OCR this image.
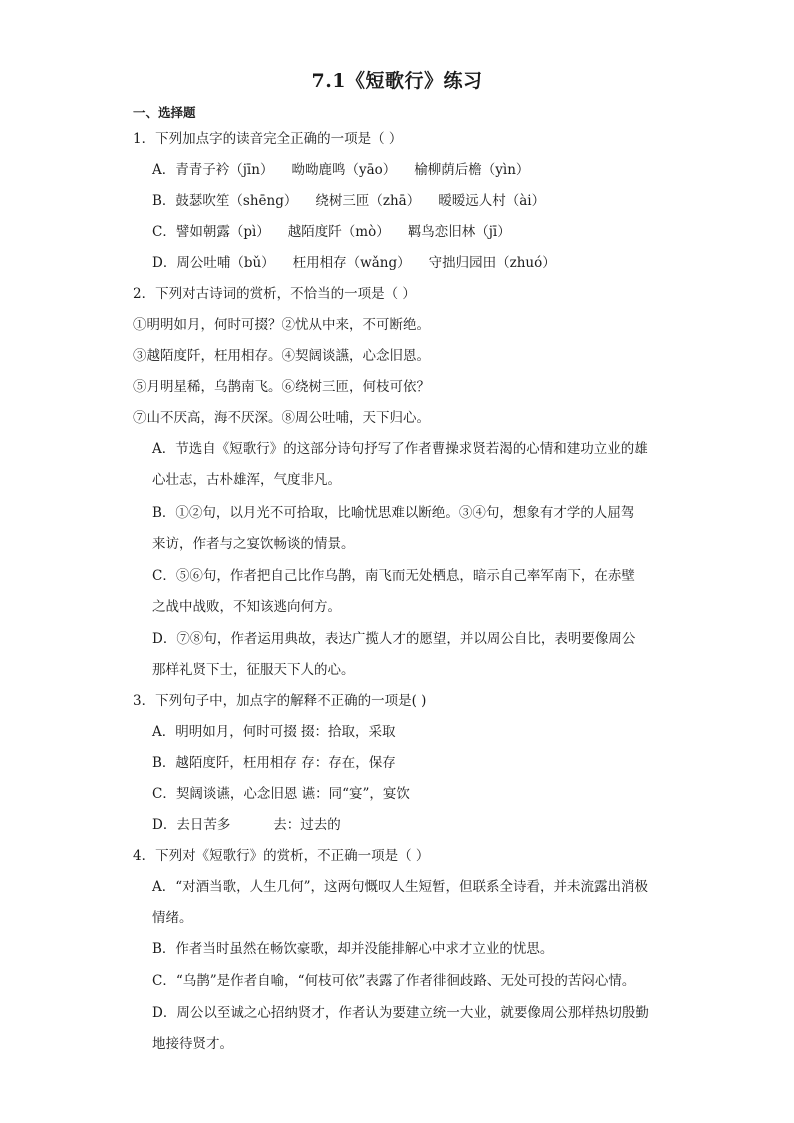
7.1《短歌行》练习
一、选择题
1．下列加点字的读音完全正确的一项是（ ）
A．青青子衿（jīn） 呦呦鹿鸣（yāo） 榆柳荫后檐（yìn）
B．鼓瑟吹笙（shēng） 绕树三匝（zhā） 暧暧远人村（ài）
C．譬如朝露（pì） 越陌度阡（mò） 羁鸟恋旧林（jī）
D．周公吐哺（bǔ） 枉用相存（wǎng） 守拙归园田（zhuó）
2．下列对古诗词的赏析，不恰当的一项是（ ）
①明明如月，何时可掇？②忧从中来，不可断绝。
③越陌度阡，枉用相存。④契阔谈讌，心念旧恩。
⑤月明星稀，乌鹊南飞。⑥绕树三匝，何枝可依？
⑦山不厌高，海不厌深。⑧周公吐哺，天下归心。
A．节选自《短歌行》的这部分诗句抒写了作者曹操求贤若渴的心情和建功立业的雄
心壮志，古朴雄浑，气度非凡。
B．①②句，以月光不可拾取，比喻忧思难以断绝。③④句，想象有才学的人屈驾
来访，作者与之宴饮畅谈的情景。
C．⑤⑥句，作者把自己比作乌鹊，南飞而无处栖息，暗示自己率军南下，在赤壁
之战中战败，不知该逃向何方。
D．⑦⑧句，作者运用典故，表达广揽人才的愿望，并以周公自比，表明要像周公
那样礼贤下士，征服天下人的心。
3．下列句子中，加点字的解释不正确的一项是( )
A．明明如月，何时可掇 掇：拾取，采取
B．越陌度阡，枉用相存 存：存在，保存
C．契阔谈䜩，心念旧恩 䜩：同“宴”，宴饮
D．去日苦多          去：过去的
4．下列对《短歌行》的赏析，不正确一项是（ ）
A．“对酒当歌，人生几何”，这两句慨叹人生短暂，但联系全诗看，并未流露出消极
情绪。
B．作者当时虽然在畅饮豪歌，却并没能排解心中求才立业的忧思。
C．“乌鹊”是作者自喻，“何枝可依”表露了作者徘徊歧路、无处可投的苦闷心情。
D．周公以至诚之心招纳贤才，作者认为要建立统一大业，就要像周公那样热切殷勤
地接待贤才。
